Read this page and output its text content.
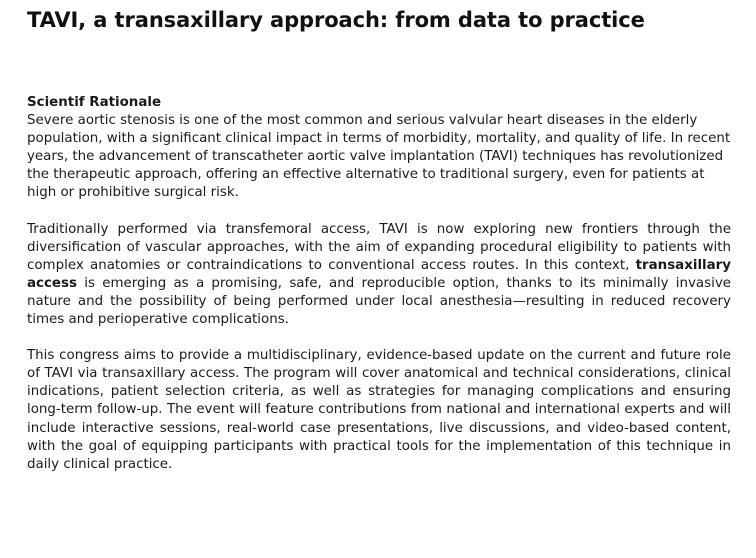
TAVI, a transaxillary approach: from data to practice
Scientif Rationale

Severe aortic stenosis is one of the most common and serious valvular heart diseases in the elderly population, with a significant clinical impact in terms of morbidity, mortality, and quality of life. In recent years, the advancement of transcatheter aortic valve implantation (TAVI) techniques has revolutionized the therapeutic approach, offering an effective alternative to traditional surgery, even for patients at high or prohibitive surgical risk.

Traditionally performed via transfemoral access, TAVI is now exploring new frontiers through the diversification of vascular approaches, with the aim of expanding procedural eligibility to patients with complex anatomies or contraindications to conventional access routes. In this context, transaxillary access is emerging as a promising, safe, and reproducible option, thanks to its minimally invasive nature and the possibility of being performed under local anesthesia—resulting in reduced recovery times and perioperative complications.

This congress aims to provide a multidisciplinary, evidence-based update on the current and future role of TAVI via transaxillary access. The program will cover anatomical and technical considerations, clinical indications, patient selection criteria, as well as strategies for managing complications and ensuring long-term follow-up. The event will feature contributions from national and international experts and will include interactive sessions, real-world case presentations, live discussions, and video-based content, with the goal of equipping participants with practical tools for the implementation of this technique in daily clinical practice.
